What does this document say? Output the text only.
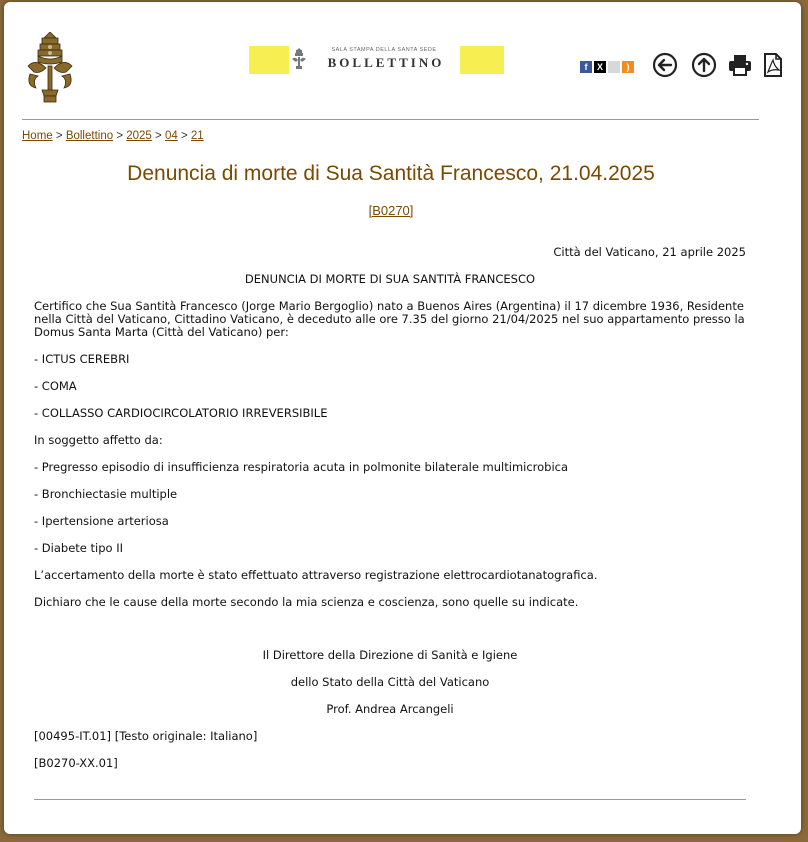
SALA STAMPA DELLA SANTA SEDE
BOLLETTINO	f X	)
Home > Bollettino > 2025 > 04 > 21
Denuncia di morte di Sua Santità Francesco, 21.04.2025
[B0270]

Città del Vaticano, 21 aprile 2025

DENUNCIA DI MORTE DI SUA SANTITÀ FRANCESCO

Certifico che Sua Santità Francesco (Jorge Mario Bergoglio) nato a Buenos Aires (Argentina) il 17 dicembre 1936, Residente nella Città del Vaticano, Cittadino Vaticano, è deceduto alle ore 7.35 del giorno 21/04/2025 nel suo appartamento presso la Domus Santa Marta (Città del Vaticano) per:

- ICTUS CEREBRI

- COMA

- COLLASSO CARDIOCIRCOLATORIO IRREVERSIBILE

In soggetto affetto da:

- Pregresso episodio di insufficienza respiratoria acuta in polmonite bilaterale multimicrobica

- Bronchiectasie multiple

- Ipertensione arteriosa

- Diabete tipo II

L’accertamento della morte è stato effettuato attraverso registrazione elettrocardiotanatografica.

Dichiaro che le cause della morte secondo la mia scienza e coscienza, sono quelle su indicate.

Il Direttore della Direzione di Sanità e Igiene

dello Stato della Città del Vaticano

Prof. Andrea Arcangeli

[00495-IT.01] [Testo originale: Italiano]

[B0270-XX.01]
